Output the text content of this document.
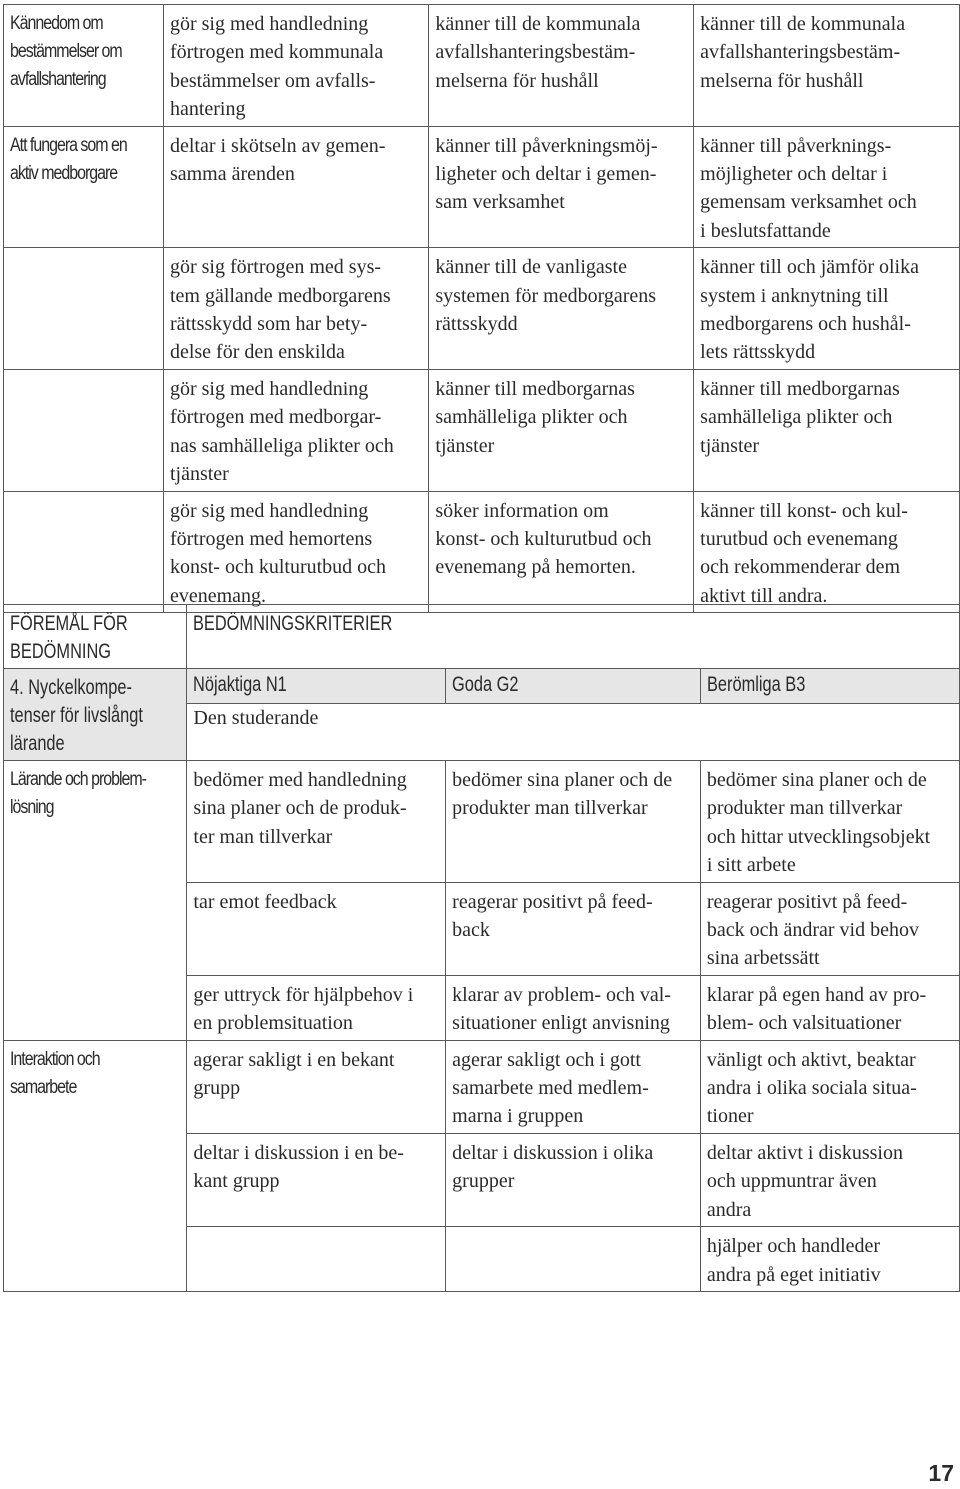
Kännedom om
bestämmelser om
avfallshantering	gör sig med handledning
förtrogen med kommunala
bestämmelser om avfalls-
hantering	känner till de kommunala
avfallshanteringsbestäm-
melserna för hushåll	känner till de kommunala
avfallshanteringsbestäm-
melserna för hushåll

Att fungera som en
aktiv medborgare	deltar i skötseln av gemen-
samma ärenden	känner till påverkningsmöj-
ligheter och deltar i gemen-
sam verksamhet	känner till påverknings-
möjligheter och deltar i
gemensam verksamhet och
i beslutsfattande

	gör sig förtrogen med sys-
tem gällande medborgarens
rättsskydd som har bety-
delse för den enskilda	känner till de vanligaste
systemen för medborgarens
rättsskydd	känner till och jämför olika
system i anknytning till
medborgarens och hushål-
lets rättsskydd

	gör sig med handledning
förtrogen med medborgar-
nas samhälleliga plikter och
tjänster	känner till medborgarnas
samhälleliga plikter och
tjänster	känner till medborgarnas
samhälleliga plikter och
tjänster

	gör sig med handledning
förtrogen med hemortens
konst- och kulturutbud och
evenemang.	söker information om
konst- och kulturutbud och
evenemang på hemorten.	känner till konst- och kul-
turutbud och evenemang
och rekommenderar dem
aktivt till andra.
FÖREMÅL FÖR
BEDÖMNING	BEDÖMNINGSKRITERIER		

4. Nyckelkompe-
tenser för livslångt
lärande	Nöjaktiga N1	Goda G2	Berömliga B3

	Den studerande		

Lärande och problem-
lösning	bedömer med handledning
sina planer och de produk-
ter man tillverkar	bedömer sina planer och de
produkter man tillverkar	bedömer sina planer och de
produkter man tillverkar
och hittar utvecklingsobjekt
i sitt arbete

	tar emot feedback	reagerar positivt på feed-
back	reagerar positivt på feed-
back och ändrar vid behov
sina arbetssätt

	ger uttryck för hjälpbehov i
en problemsituation	klarar av problem- och val-
situationer enligt anvisning	klarar på egen hand av pro-
blem- och valsituationer

Interaktion och
samarbete	agerar sakligt i en bekant
grupp	agerar sakligt och i gott
samarbete med medlem-
marna i gruppen	vänligt och aktivt, beaktar
andra i olika sociala situa-
tioner

	deltar i diskussion i en be-
kant grupp	deltar i diskussion i olika
grupper	deltar aktivt i diskussion
och uppmuntrar även
andra

			hjälper och handleder
andra på eget initiativ
17
